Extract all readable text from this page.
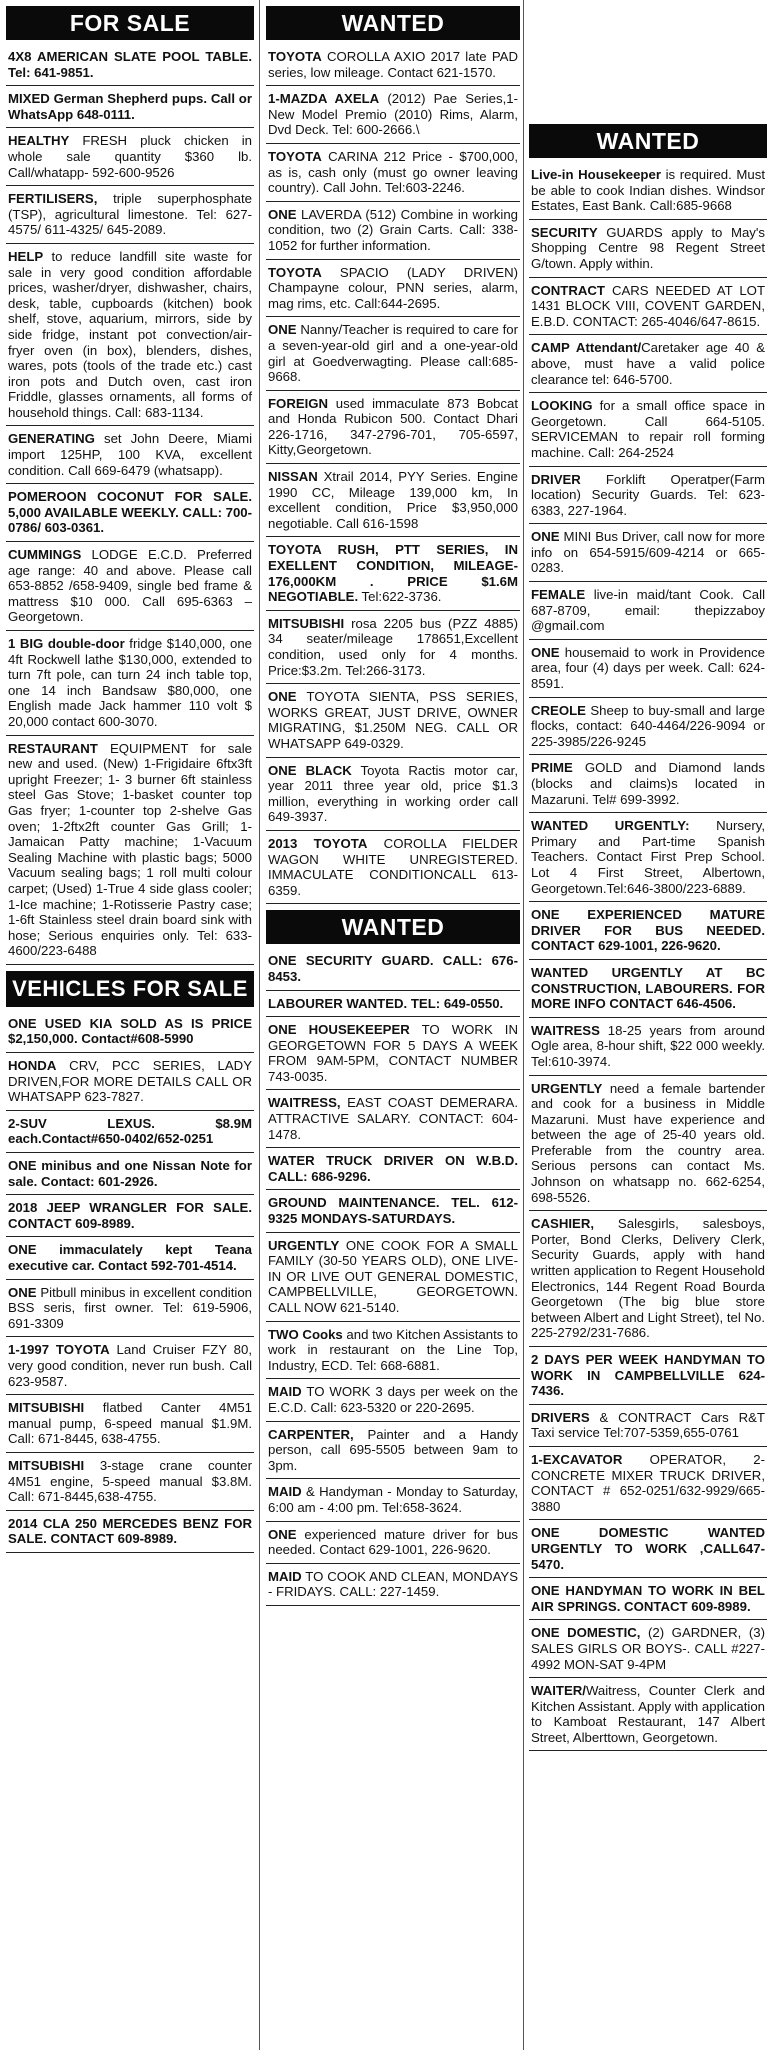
FOR SALE
4X8 AMERICAN SLATE POOL TABLE. Tel: 641-9851.
MIXED German Shepherd pups. Call or WhatsApp 648-0111.
HEALTHY FRESH pluck chicken in whole sale quantity $360 lb. Call/whatapp- 592-600-9526
FERTILISERS, triple superphosphate (TSP), agricultural limestone. Tel: 627-4575/ 611-4325/ 645-2089.
HELP to reduce landfill site waste for sale in very good condition affordable prices, washer/dryer, dishwasher, chairs, desk, table, cupboards (kitchen) book shelf, stove, aquarium, mirrors, side by side fridge, instant pot convection/air-fryer oven (in box), blenders, dishes, wares, pots (tools of the trade etc.) cast iron pots and Dutch oven, cast iron Friddle, glasses ornaments, all forms of household things. Call: 683-1134.
GENERATING set John Deere, Miami import 125HP, 100 KVA, excellent condition. Call 669-6479 (whatsapp).
POMEROON COCONUT FOR SALE. 5,000 AVAILABLE WEEKLY. CALL: 700-0786/ 603-0361.
CUMMINGS LODGE E.C.D. Preferred age range: 40 and above. Please call 653-8852 /658-9409, single bed frame & mattress $10 000. Call 695-6363 – Georgetown.
1 BIG double-door fridge $140,000, one 4ft Rockwell lathe $130,000, extended to turn 7ft pole, can turn 24 inch table top, one 14 inch Bandsaw $80,000, one English made Jack hammer 110 volt $ 20,000 contact 600-3070.
RESTAURANT EQUIPMENT for sale new and used. (New) 1-Frigidaire 6ftx3ft upright Freezer; 1- 3 burner 6ft stainless steel Gas Stove; 1-basket counter top Gas fryer; 1-counter top 2-shelve Gas oven; 1-2ftx2ft counter Gas Grill; 1-Jamaican Patty machine; 1-Vacuum Sealing Machine with plastic bags; 5000 Vacuum sealing bags; 1 roll multi colour carpet; (Used) 1-True 4 side glass cooler; 1-Ice machine; 1-Rotisserie Pastry case; 1-6ft Stainless steel drain board sink with hose; Serious enquiries only. Tel: 633-4600/223-6488
VEHICLES FOR SALE
ONE USED KIA SOLD AS IS PRICE $2,150,000. Contact#608-5990
HONDA CRV, PCC SERIES, LADY DRIVEN,FOR MORE DETAILS CALL OR WHATSAPP 623-7827.
2-SUV LEXUS. $8.9M each.Contact#650-0402/652-0251
ONE minibus and one Nissan Note for sale. Contact: 601-2926.
2018 JEEP WRANGLER FOR SALE. CONTACT 609-8989.
ONE immaculately kept Teana executive car. Contact 592-701-4514.
ONE Pitbull minibus in excellent condition BSS seris, first owner. Tel: 619-5906, 691-3309
1-1997 TOYOTA Land Cruiser FZY 80, very good condition, never run bush. Call 623-9587.
MITSUBISHI flatbed Canter 4M51 manual pump, 6-speed manual $1.9M. Call: 671-8445, 638-4755.
MITSUBISHI 3-stage crane counter 4M51 engine, 5-speed manual $3.8M. Call: 671-8445,638-4755.
2014 CLA 250 MERCEDES BENZ FOR SALE. CONTACT 609-8989.
WANTED
TOYOTA COROLLA AXIO 2017 late PAD series, low mileage. Contact 621-1570.
1-MAZDA AXELA (2012) Pae Series,1- New Model Premio (2010) Rims, Alarm, Dvd Deck. Tel: 600-2666.\
TOYOTA CARINA 212 Price - $700,000, as is, cash only (must go owner leaving country). Call John. Tel:603-2246.
ONE LAVERDA (512) Combine in working condition, two (2) Grain Carts. Call: 338-1052 for further information.
TOYOTA SPACIO (LADY DRIVEN) Champayne colour, PNN series, alarm, mag rims, etc. Call:644-2695.
ONE Nanny/Teacher is required to care for a seven-year-old girl and a one-year-old girl at Goedverwagting. Please call:685-9668.
FOREIGN used immaculate 873 Bobcat and Honda Rubicon 500. Contact Dhari 226-1716, 347-2796-701, 705-6597, Kitty,Georgetown.
NISSAN Xtrail 2014, PYY Series. Engine 1990 CC, Mileage 139,000 km, In excellent condition, Price $3,950,000 negotiable. Call 616-1598
TOYOTA RUSH, PTT SERIES, IN EXELLENT CONDITION, MILEAGE-176,000KM . PRICE $1.6M NEGOTIABLE. Tel:622-3736.
MITSUBISHI rosa 2205 bus (PZZ 4885) 34 seater/mileage 178651,Excellent condition, used only for 4 months. Price:$3.2m. Tel:266-3173.
ONE TOYOTA SIENTA, PSS SERIES, WORKS GREAT, JUST DRIVE, OWNER MIGRATING, $1.250M NEG. CALL OR WHATSAPP 649-0329.
ONE BLACK Toyota Ractis motor car, year 2011 three year old, price $1.3 million, everything in working order call 649-3937.
2013 TOYOTA COROLLA FIELDER WAGON WHITE UNREGISTERED. IMMACULATE CONDITIONCALL 613-6359.
WANTED
ONE SECURITY GUARD. CALL: 676-8453.
LABOURER WANTED. TEL: 649-0550.
ONE HOUSEKEEPER TO WORK IN GEORGETOWN FOR 5 DAYS A WEEK FROM 9AM-5PM, CONTACT NUMBER 743-0035.
WAITRESS, EAST COAST DEMERARA. ATTRACTIVE SALARY. CONTACT: 604-1478.
WATER TRUCK DRIVER ON W.B.D. CALL: 686-9296.
GROUND MAINTENANCE. TEL. 612-9325 MONDAYS-SATURDAYS.
URGENTLY ONE COOK FOR A SMALL FAMILY (30-50 YEARS OLD), ONE LIVE-IN OR LIVE OUT GENERAL DOMESTIC, CAMPBELLVILLE, GEORGETOWN. CALL NOW 621-5140.
TWO Cooks and two Kitchen Assistants to work in restaurant on the Line Top, Industry, ECD. Tel: 668-6881.
MAID TO WORK 3 days per week on the E.C.D. Call: 623-5320 or 220-2695.
CARPENTER, Painter and a Handy person, call 695-5505 between 9am to 3pm.
MAID & Handyman - Monday to Saturday, 6:00 am - 4:00 pm. Tel:658-3624.
ONE experienced mature driver for bus needed. Contact 629-1001, 226-9620.
MAID TO COOK AND CLEAN, MONDAYS - FRIDAYS. CALL: 227-1459.
WANTED
Live-in Housekeeper is required. Must be able to cook Indian dishes. Windsor Estates, East Bank. Call:685-9668
SECURITY GUARDS apply to May's Shopping Centre 98 Regent Street G/town. Apply within.
CONTRACT CARS NEEDED AT LOT 1431 BLOCK VIII, COVENT GARDEN, E.B.D. CONTACT: 265-4046/647-8615.
CAMP Attendant/Caretaker age 40 & above, must have a valid police clearance tel: 646-5700.
LOOKING for a small office space in Georgetown. Call 664-5105. SERVICEMAN to repair roll forming machine. Call: 264-2524
DRIVER Forklift Operatper(Farm location) Security Guards. Tel: 623-6383, 227-1964.
ONE MINI Bus Driver, call now for more info on 654-5915/609-4214 or 665-0283.
FEMALE live-in maid/tant Cook. Call 687-8709, email: thepizzaboy @gmail.com
ONE housemaid to work in Providence area, four (4) days per week. Call: 624-8591.
CREOLE Sheep to buy-small and large flocks, contact: 640-4464/226-9094 or 225-3985/226-9245
PRIME GOLD and Diamond lands (blocks and claims)s located in Mazaruni. Tel# 699-3992.
WANTED URGENTLY: Nursery, Primary and Part-time Spanish Teachers. Contact First Prep School. Lot 4 First Street, Albertown, Georgetown.Tel:646-3800/223-6889.
ONE EXPERIENCED MATURE DRIVER FOR BUS NEEDED. CONTACT 629-1001, 226-9620.
WANTED URGENTLY AT BC CONSTRUCTION, LABOURERS. FOR MORE INFO CONTACT 646-4506.
WAITRESS 18-25 years from around Ogle area, 8-hour shift, $22 000 weekly. Tel:610-3974.
URGENTLY need a female bartender and cook for a business in Middle Mazaruni. Must have experience and between the age of 25-40 years old. Preferable from the country area. Serious persons can contact Ms. Johnson on whatsapp no. 662-6254, 698-5526.
CASHIER, Salesgirls, salesboys, Porter, Bond Clerks, Delivery Clerk, Security Guards, apply with hand written application to Regent Household Electronics, 144 Regent Road Bourda Georgetown (The big blue store between Albert and Light Street), tel No. 225-2792/231-7686.
2 DAYS PER WEEK HANDYMAN TO WORK IN CAMPBELLVILLE 624-7436.
DRIVERS & CONTRACT Cars R&T Taxi service Tel:707-5359,655-0761
1-EXCAVATOR OPERATOR, 2- CONCRETE MIXER TRUCK DRIVER, CONTACT # 652-0251/632-9929/665-3880
ONE DOMESTIC WANTED URGENTLY TO WORK ,CALL647-5470.
ONE HANDYMAN TO WORK IN BEL AIR SPRINGS. CONTACT 609-8989.
ONE DOMESTIC, (2) GARDNER, (3) SALES GIRLS OR BOYS-. CALL #227-4992 MON-SAT 9-4PM
WAITER/Waitress, Counter Clerk and Kitchen Assistant. Apply with application to Kamboat Restaurant, 147 Albert Street, Alberttown, Georgetown.
